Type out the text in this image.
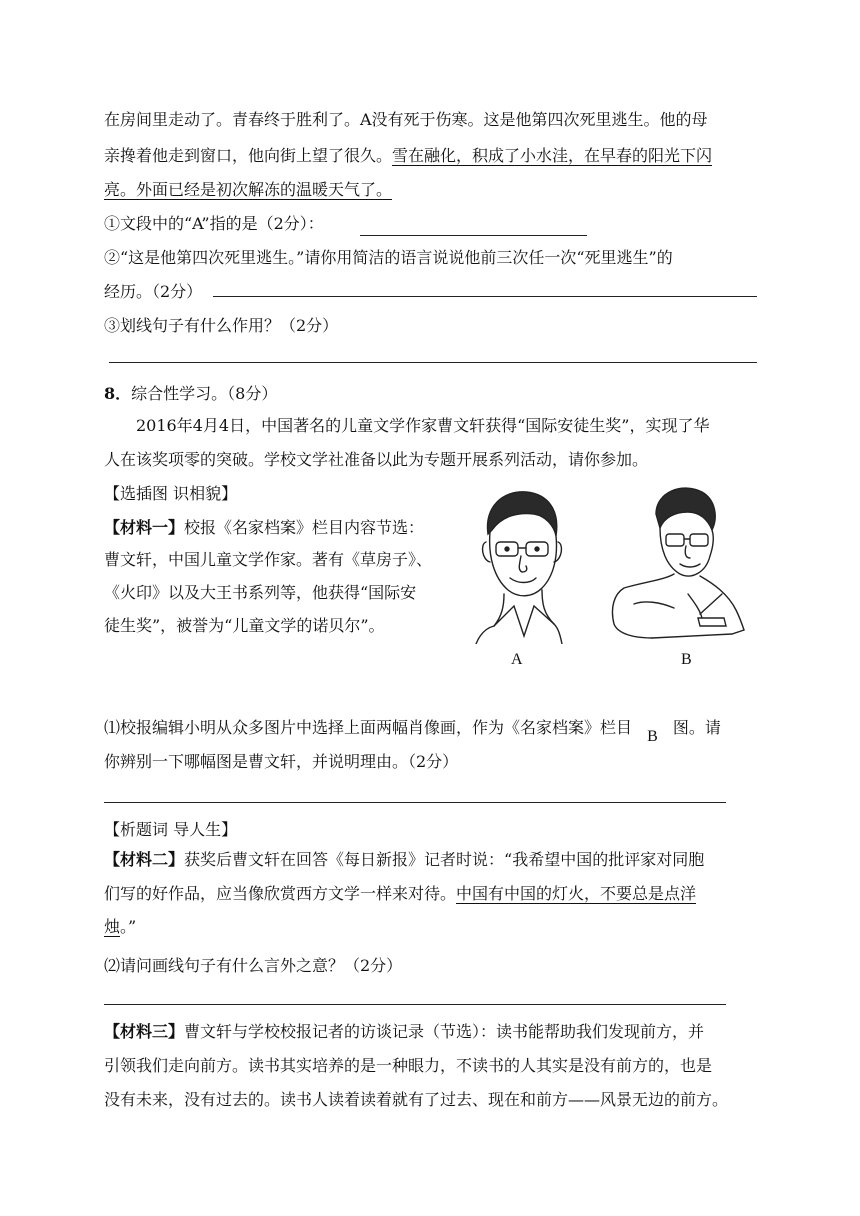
在房间里走动了。青春终于胜利了。A没有死于伤寒。这是他第四次死里逃生。他的母
亲搀着他走到窗口，他向街上望了很久。雪在融化，积成了小水洼，在早春的阳光下闪
亮。外面已经是初次解冻的温暖天气了。
①文段中的“A”指的是（2分）：
②“这是他第四次死里逃生。”请你用简洁的语言说说他前三次任一次“死里逃生”的
经历。（2分）
③划线句子有什么作用？（2分）
8．综合性学习。（8分）
2016年4月4日，中国著名的儿童文学作家曹文轩获得“国际安徒生奖”，实现了华
人在该奖项零的突破。学校文学社准备以此为专题开展系列活动，请你参加。
【选插图 识相貌】
【材料一】校报《名家档案》栏目内容节选：
曹文轩，中国儿童文学作家。著有《草房子》、
《火印》以及大王书系列等，他获得“国际安
徒生奖”，被誉为“儿童文学的诺贝尔”。
A	B
⑴校报编辑小明从众多图片中选择上面两幅肖像画，作为《名家档案》栏目 B 图。请
你辨别一下哪幅图是曹文轩，并说明理由。（2分）
【析题词 导人生】
【材料二】获奖后曹文轩在回答《每日新报》记者时说：“我希望中国的批评家对同胞
们写的好作品，应当像欣赏西方文学一样来对待。中国有中国的灯火，不要总是点洋
烛。”
⑵请问画线句子有什么言外之意？（2分）
【材料三】曹文轩与学校校报记者的访谈记录（节选）：读书能帮助我们发现前方，并
引领我们走向前方。读书其实培养的是一种眼力，不读书的人其实是没有前方的，也是
没有未来，没有过去的。读书人读着读着就有了过去、现在和前方——风景无边的前方。
